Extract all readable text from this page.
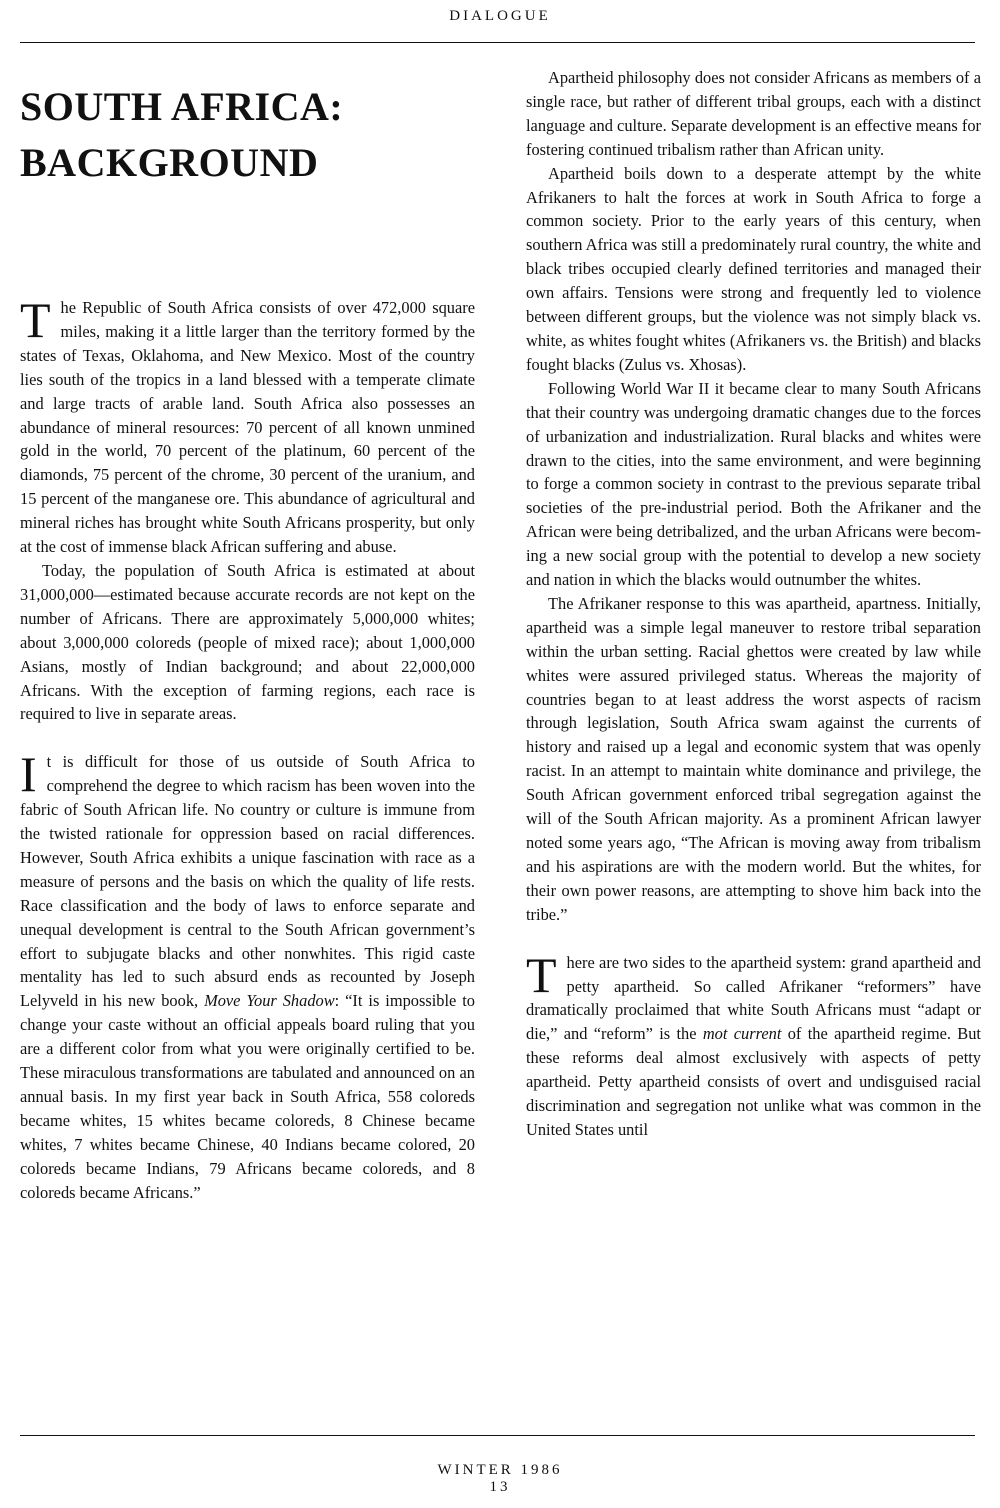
DIALOGUE
SOUTH AFRICA:
BACKGROUND

The Republic of South Africa consists of over 472,000 square miles, making it a little larger than the territory formed by the states of Texas, Oklahoma, and New Mexico. Most of the country lies south of the tropics in a land blessed with a temperate climate and large tracts of arable land. South Africa also possesses an abundance of mineral resources: 70 percent of all known unmined gold in the world, 70 percent of the platinum, 60 percent of the diamonds, 75 percent of the chrome, 30 percent of the uranium, and 15 percent of the manganese ore. This abundance of agricultural and mineral riches has brought white South Africans prosperity, but only at the cost of immense black African suffering and abuse.

Today, the population of South Africa is estimated at about 31,000,000—estimated because accurate records are not kept on the number of Africans. There are approximately 5,000,000 whites; about 3,000,000 coloreds (people of mixed race); about 1,000,000 Asians, mostly of Indian background; and about 22,000,000 Africans. With the exception of farming regions, each race is required to live in separate areas.

It is difficult for those of us outside of South Africa to comprehend the degree to which racism has been woven into the fabric of South African life. No country or culture is immune from the twisted rationale for oppression based on racial differences. However, South Africa exhibits a unique fascination with race as a measure of persons and the basis on which the quality of life rests. Race classification and the body of laws to enforce separate and unequal development is central to the South African government’s effort to subjugate blacks and other nonwhites. This rigid caste mentality has led to such absurd ends as recounted by Joseph Lelyveld in his new book, Move Your Shadow: “It is impossible to change your caste without an official appeals board ruling that you are a different color from what you were originally certified to be. These miraculous transformations are tabulated and announced on an annual basis. In my first year back in South Africa, 558 coloreds became whites, 15 whites became coloreds, 8 Chinese became whites, 7 whites became Chinese, 40 Indians became colored, 20 coloreds became Indians, 79 Africans became coloreds, and 8 coloreds became Africans.”

Apartheid philosophy does not consider Africans as members of a single race, but rather of different tribal groups, each with a distinct language and culture. Separate development is an effective means for fostering continued tribalism rather than African unity.

Apartheid boils down to a desperate attempt by the white Afrikaners to halt the forces at work in South Africa to forge a common society. Prior to the early years of this century, when southern Africa was still a predominately rural country, the white and black tribes occupied clearly defined territories and managed their own affairs. Tensions were strong and frequently led to violence between different groups, but the violence was not simply black vs. white, as whites fought whites (Afrikaners vs. the British) and blacks fought blacks (Zulus vs. Xhosas).

Following World War II it became clear to many South Africans that their country was undergoing dramatic changes due to the forces of urbanization and industrialization. Rural blacks and whites were drawn to the cities, into the same environment, and were beginning to forge a common society in contrast to the previous separate tribal societies of the pre-industrial period. Both the Afrikaner and the African were being detribalized, and the urban Africans were becoming a new social group with the potential to develop a new society and nation in which the blacks would outnumber the whites.

The Afrikaner response to this was apartheid, apartness. Initially, apartheid was a simple legal maneuver to restore tribal separation within the urban setting. Racial ghettos were created by law while whites were assured privileged status. Whereas the majority of countries began to at least address the worst aspects of racism through legislation, South Africa swam against the currents of history and raised up a legal and economic system that was openly racist. In an attempt to maintain white dominance and privilege, the South African government enforced tribal segregation against the will of the South African majority. As a prominent African lawyer noted some years ago, “The African is moving away from tribalism and his aspirations are with the modern world. But the whites, for their own power reasons, are attempting to shove him back into the tribe.”

There are two sides to the apartheid system: grand apartheid and petty apartheid. So called Afrikaner “reformers” have dramatically proclaimed that white South Africans must “adapt or die,” and “reform” is the mot current of the apartheid regime. But these reforms deal almost exclusively with aspects of petty apartheid. Petty apartheid consists of overt and undisguised racial discrimination and segregation not unlike what was common in the United States until

WINTER 1986
13
